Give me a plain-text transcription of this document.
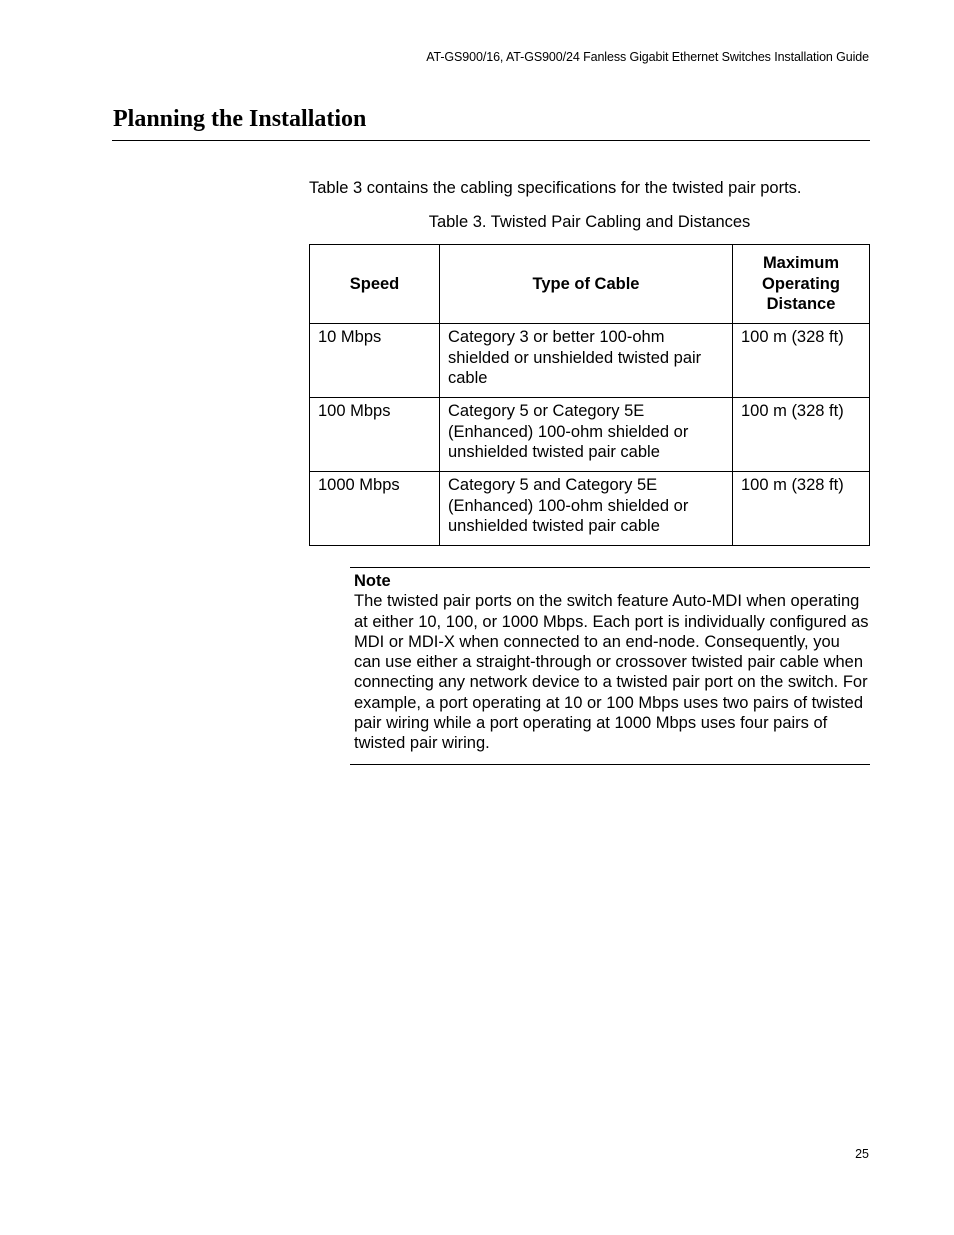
AT-GS900/16, AT-GS900/24 Fanless Gigabit Ethernet Switches Installation Guide
Planning the Installation

Table 3 contains the cabling specifications for the twisted pair ports.

Table 3. Twisted Pair Cabling and Distances
Speed	Type of Cable	Maximum Operating Distance
10 Mbps	Category 3 or better 100-ohm shielded or unshielded twisted pair cable	100 m (328 ft)
100 Mbps	Category 5 or Category 5E (Enhanced) 100-ohm shielded or unshielded twisted pair cable	100 m (328 ft)
1000 Mbps	Category 5 and Category 5E (Enhanced) 100-ohm shielded or unshielded twisted pair cable	100 m (328 ft)
Note
The twisted pair ports on the switch feature Auto-MDI when operating at either 10, 100, or 1000 Mbps. Each port is individually configured as MDI or MDI-X when connected to an end-node. Consequently, you can use either a straight-through or crossover twisted pair cable when connecting any network device to a twisted pair port on the switch. For example, a port operating at 10 or 100 Mbps uses two pairs of twisted pair wiring while a port operating at 1000 Mbps uses four pairs of twisted pair wiring.
25
